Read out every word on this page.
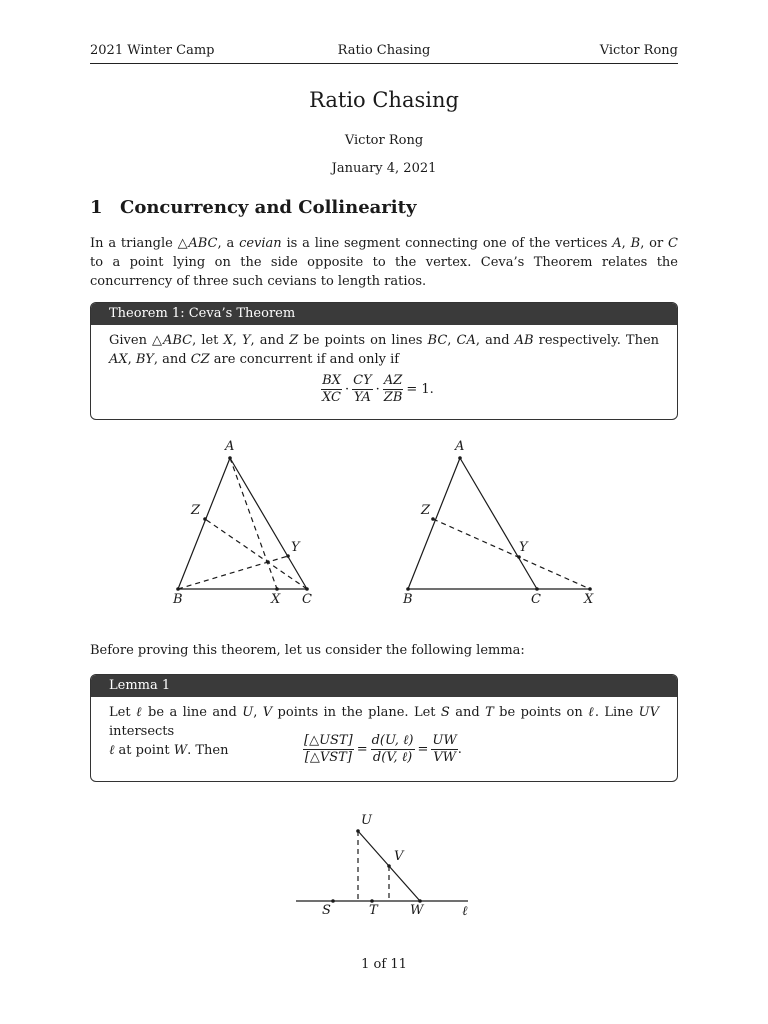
2021 Winter Camp	Ratio Chasing	Victor Rong
Ratio Chasing
Victor Rong
January 4, 2021
1 Concurrency and Collinearity
In a triangle △ABC, a cevian is a line segment connecting one of the vertices A, B, or C to a point lying on the side opposite to the vertex. Ceva’s Theorem relates the concurrency of three such cevians to length ratios.
Theorem 1: Ceva’s Theorem
Given △ABC, let X, Y, and Z be points on lines BC, CA, and AB respectively. Then AX, BY, and CZ are concurrent if and only if
$\frac{BX}{XC} \cdot \frac{CY}{YA} \cdot \frac{AZ}{ZB} = 1$.
A
B	C
X
Y
Z
A
B	C	X
Y
Z
Before proving this theorem, let us consider the following lemma:
Lemma 1
Let ℓ be a line and U, V points in the plane. Let S and T be points on ℓ. Line UV intersects
ℓ at point W. Then	$\frac{\text{[△UST]}}{\text{[△VST]}} = \frac{\text{d(U, ℓ)}}{\text{d(V, ℓ)}} = \frac{UW}{VW}$ .
U
V
S	T W	ℓ
1 of 11
